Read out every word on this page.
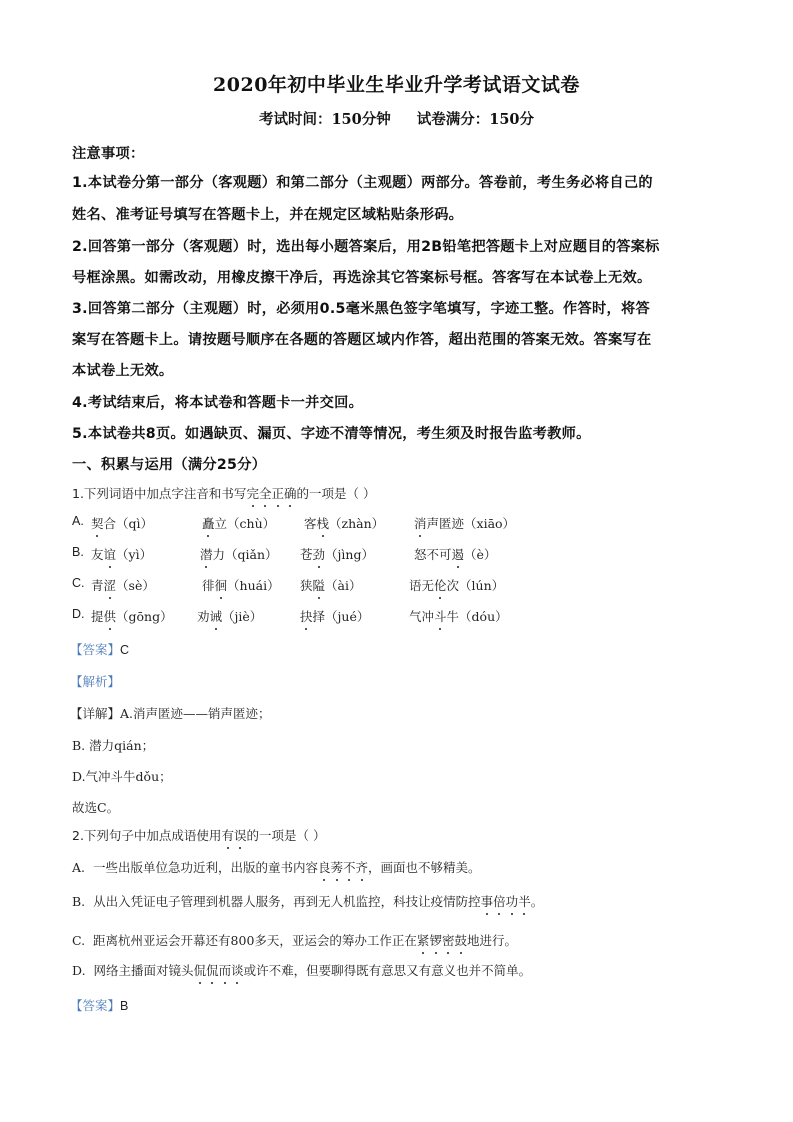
2020年初中毕业生毕业升学考试语文试卷
考试时间：150分钟 试卷满分：150分
注意事项：
1.本试卷分第一部分（客观题）和第二部分（主观题）两部分。答卷前，考生务必将自己的
姓名、准考证号填写在答题卡上，并在规定区域粘贴条形码。
2.回答第一部分（客观题）时，选出每小题答案后，用2B铅笔把答题卡上对应题目的答案标
号框涂黑。如需改动，用橡皮擦干净后，再选涂其它答案标号框。答客写在本试卷上无效。
3.回答第二部分（主观题）时，必须用0.5毫米黑色签字笔填写，字迹工整。作答时，将答
案写在答题卡上。请按题号顺序在各题的答题区域内作答，超出范围的答案无效。答案写在
本试卷上无效。
4.考试结束后，将本试卷和答题卡一并交回。
5.本试卷共8页。如遇缺页、漏页、字迹不清等情况，考生须及时报告监考教师。
一、积累与运用（满分25分）
1.下列词语中加点字注音和书写完全正确的一项是（ ）
A. 契合（qì）	矗立（chù） 客栈（zhàn） 消声匿迹（xiāo）
B. 友谊（yì）	潜力（qiǎn） 苍劲（jìng）	怒不可遏（è）
C. 青涩（sè）	徘徊（huái） 狭隘（ài）	语无伦次（lún）
D. 提供（gōng） 劝诫（jiè）	抉择（jué）	气冲斗牛（dóu）
【答案】C
【解析】
【详解】A.消声匿迹——销声匿迹；
B. 潜力qián；
D.气冲斗牛dǒu；
故选C。
2.下列句子中加点成语使用有误的一项是（ ）
A. 一些出版单位急功近利，出版的童书内容良莠不齐，画面也不够精美。
B. 从出入凭证电子管理到机器人服务，再到无人机监控，科技让疫情防控事倍功半。
C. 距离杭州亚运会开幕还有800多天，亚运会的筹办工作正在紧锣密鼓地进行。
D. 网络主播面对镜头侃侃而谈或许不难，但要聊得既有意思又有意义也并不简单。
【答案】B
